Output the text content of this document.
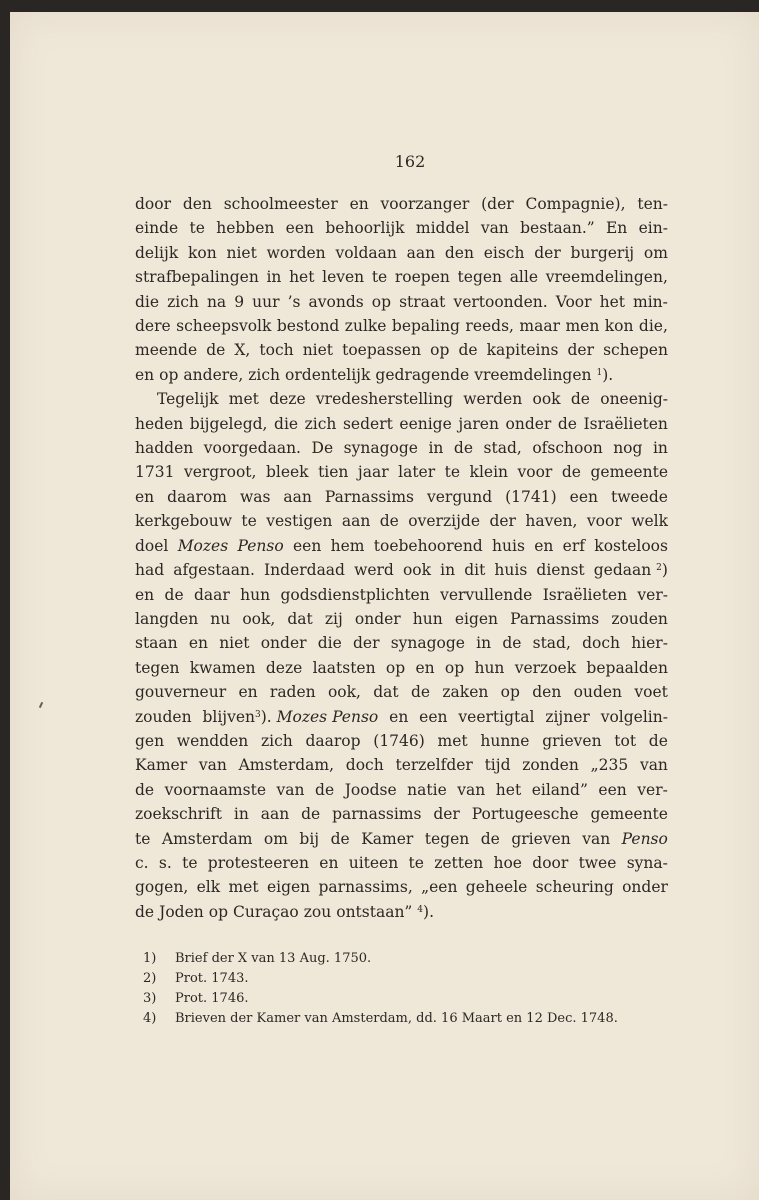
162
door den schoolmeester en voorzanger (der Compagnie), ten-
einde te hebben een behoorlijk middel van bestaan.” En ein-
delijk kon niet worden voldaan aan den eisch der burgerij om
strafbepalingen in het leven te roepen tegen alle vreemdelingen,
die zich na 9 uur ’s avonds op straat vertoonden. Voor het min-
dere scheepsvolk bestond zulke bepaling reeds, maar men kon die,
meende de X, toch niet toepassen op de kapiteins der schepen
en op andere, zich ordentelijk gedragende vreemdelingen $^1$).
Tegelijk met deze vredesherstelling werden ook de oneenig-
heden bijgelegd, die zich sedert eenige jaren onder de Israëlieten
hadden voorgedaan. De synagoge in de stad, ofschoon nog in
1731 vergroot, bleek tien jaar later te klein voor de gemeente
en daarom was aan Parnassims vergund (1741) een tweede
kerkgebouw te vestigen aan de overzijde der haven, voor welk
doel Mozes Penso een hem toebehoorend huis en erf kosteloos
had afgestaan. Inderdaad werd ook in dit huis dienst gedaan $^2$)
en de daar hun godsdienstplichten vervullende Israëlieten ver-
langden nu ook, dat zij onder hun eigen Parnassims zouden
staan en niet onder die der synagoge in de stad, doch hier-
tegen kwamen deze laatsten op en op hun verzoek bepaalden
gouverneur en raden ook, dat de zaken op den ouden voet
zouden blijven$^3$). Mozes Penso en een veertigtal zijner volgelin-
gen wendden zich daarop (1746) met hunne grieven tot de
Kamer van Amsterdam, doch terzelfder tijd zonden „235 van
de voornaamste van de Joodse natie van het eiland” een ver-
zoekschrift in aan de parnassims der Portugeesche gemeente
te Amsterdam om bij de Kamer tegen de grieven van Penso
c. s. te protesteeren en uiteen te zetten hoe door twee syna-
gogen, elk met eigen parnassims, „een geheele scheuring onder
de Joden op Curaçao zou ontstaan” $^4$).
1)	Brief der X van 13 Aug. 1750.
2)	Prot. 1743.
3)	Prot. 1746.
4)	Brieven der Kamer van Amsterdam, dd. 16 Maart en 12 Dec. 1748.
